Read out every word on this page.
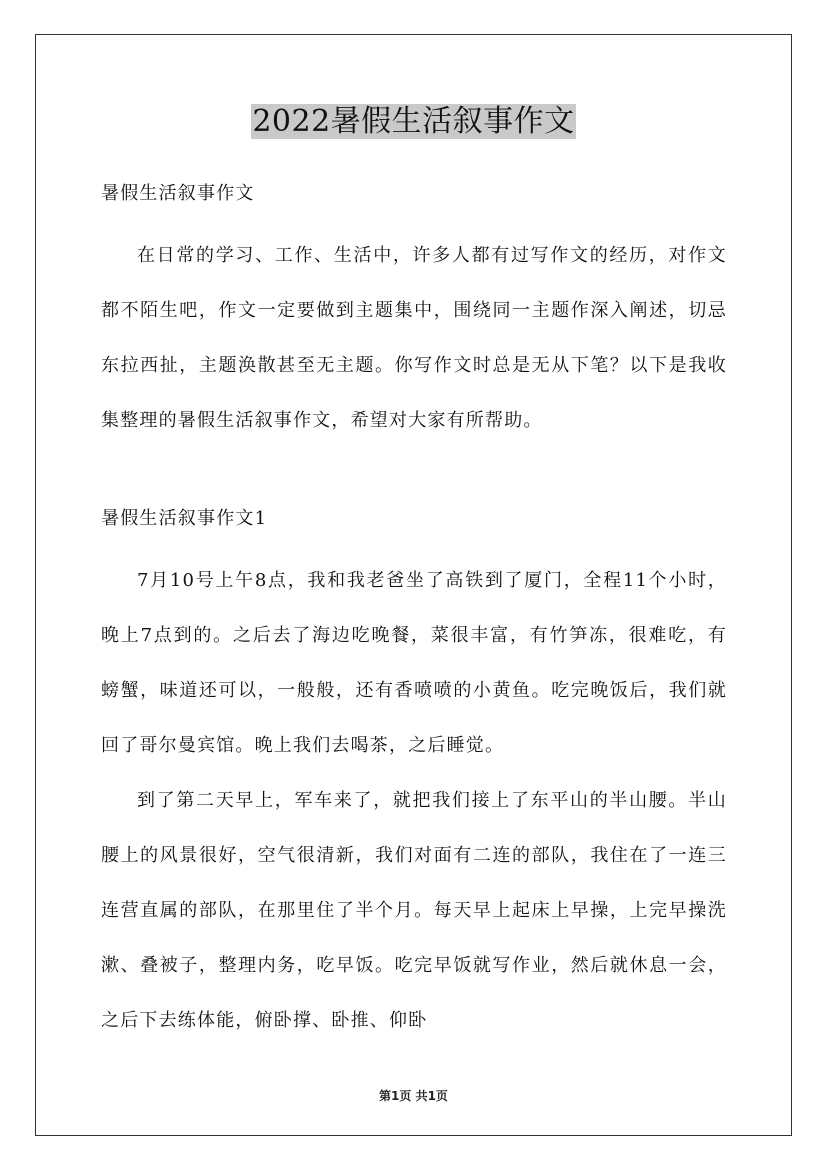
2022暑假生活叙事作文

暑假生活叙事作文

在日常的学习、工作、生活中，许多人都有过写作文的经历，对作文都不陌生吧，作文一定要做到主题集中，围绕同一主题作深入阐述，切忌东拉西扯，主题涣散甚至无主题。你写作文时总是无从下笔？以下是我收集整理的暑假生活叙事作文，希望对大家有所帮助。

暑假生活叙事作文1

7月10号上午8点，我和我老爸坐了高铁到了厦门，全程11个小时，晚上7点到的。之后去了海边吃晚餐，菜很丰富，有竹笋冻，很难吃，有螃蟹，味道还可以，一般般，还有香喷喷的小黄鱼。吃完晚饭后，我们就回了哥尔曼宾馆。晚上我们去喝茶，之后睡觉。

到了第二天早上，军车来了，就把我们接上了东平山的半山腰。半山腰上的风景很好，空气很清新，我们对面有二连的部队，我住在了一连三连营直属的部队，在那里住了半个月。每天早上起床上早操，上完早操洗漱、叠被子，整理内务，吃早饭。吃完早饭就写作业，然后就休息一会，之后下去练体能，俯卧撑、卧推、仰卧

第1页 共1页
